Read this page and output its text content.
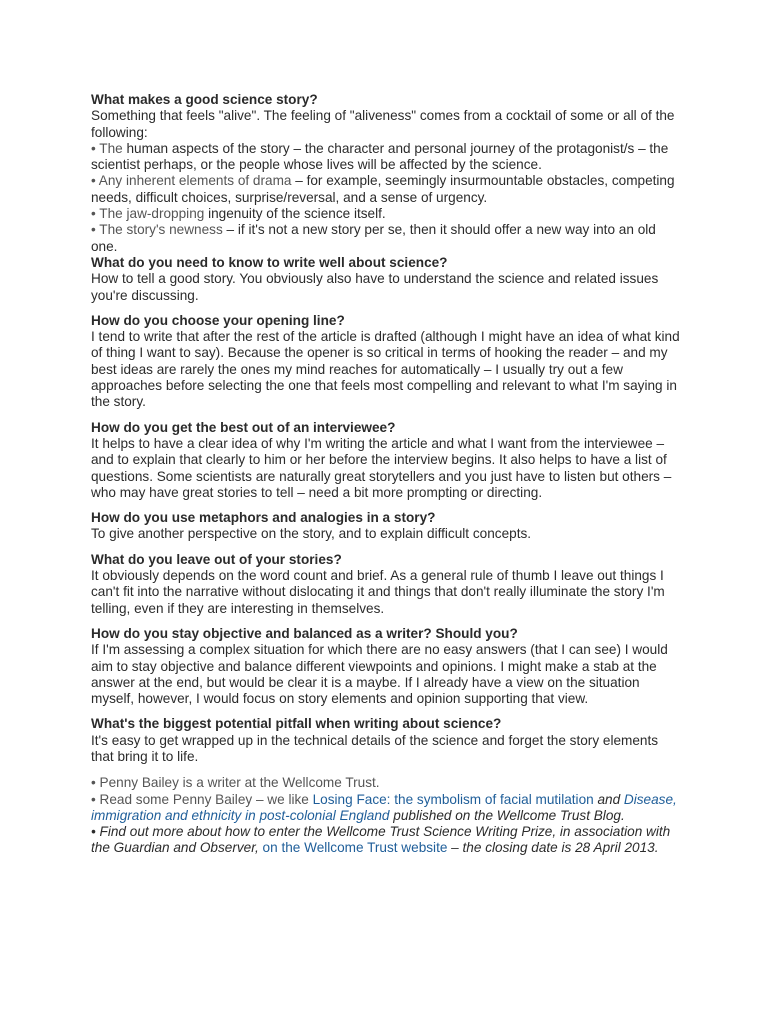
What makes a good science story?

Something that feels "alive". The feeling of "aliveness" comes from a cocktail of some or all of the following:

• The human aspects of the story – the character and personal journey of the protagonist/s – the scientist perhaps, or the people whose lives will be affected by the science.

• Any inherent elements of drama – for example, seemingly insurmountable obstacles, competing needs, difficult choices, surprise/reversal, and a sense of urgency.

• The jaw-dropping ingenuity of the science itself.

• The story's newness – if it's not a new story per se, then it should offer a new way into an old one.

What do you need to know to write well about science?

How to tell a good story. You obviously also have to understand the science and related issues you're discussing.

How do you choose your opening line?

I tend to write that after the rest of the article is drafted (although I might have an idea of what kind of thing I want to say). Because the opener is so critical in terms of hooking the reader – and my best ideas are rarely the ones my mind reaches for automatically – I usually try out a few approaches before selecting the one that feels most compelling and relevant to what I'm saying in the story.

How do you get the best out of an interviewee?

It helps to have a clear idea of why I'm writing the article and what I want from the interviewee – and to explain that clearly to him or her before the interview begins. It also helps to have a list of questions. Some scientists are naturally great storytellers and you just have to listen but others – who may have great stories to tell – need a bit more prompting or directing.

How do you use metaphors and analogies in a story?

To give another perspective on the story, and to explain difficult concepts.

What do you leave out of your stories?

It obviously depends on the word count and brief. As a general rule of thumb I leave out things I can't fit into the narrative without dislocating it and things that don't really illuminate the story I'm telling, even if they are interesting in themselves.

How do you stay objective and balanced as a writer? Should you?

If I'm assessing a complex situation for which there are no easy answers (that I can see) I would aim to stay objective and balance different viewpoints and opinions. I might make a stab at the answer at the end, but would be clear it is a maybe. If I already have a view on the situation myself, however, I would focus on story elements and opinion supporting that view.

What's the biggest potential pitfall when writing about science?

It's easy to get wrapped up in the technical details of the science and forget the story elements that bring it to life.

• Penny Bailey is a writer at the Wellcome Trust.

• Read some Penny Bailey – we like Losing Face: the symbolism of facial mutilation and Disease, immigration and ethnicity in post-colonial England published on the Wellcome Trust Blog.

• Find out more about how to enter the Wellcome Trust Science Writing Prize, in association with the Guardian and Observer, on the Wellcome Trust website – the closing date is 28 April 2013.
